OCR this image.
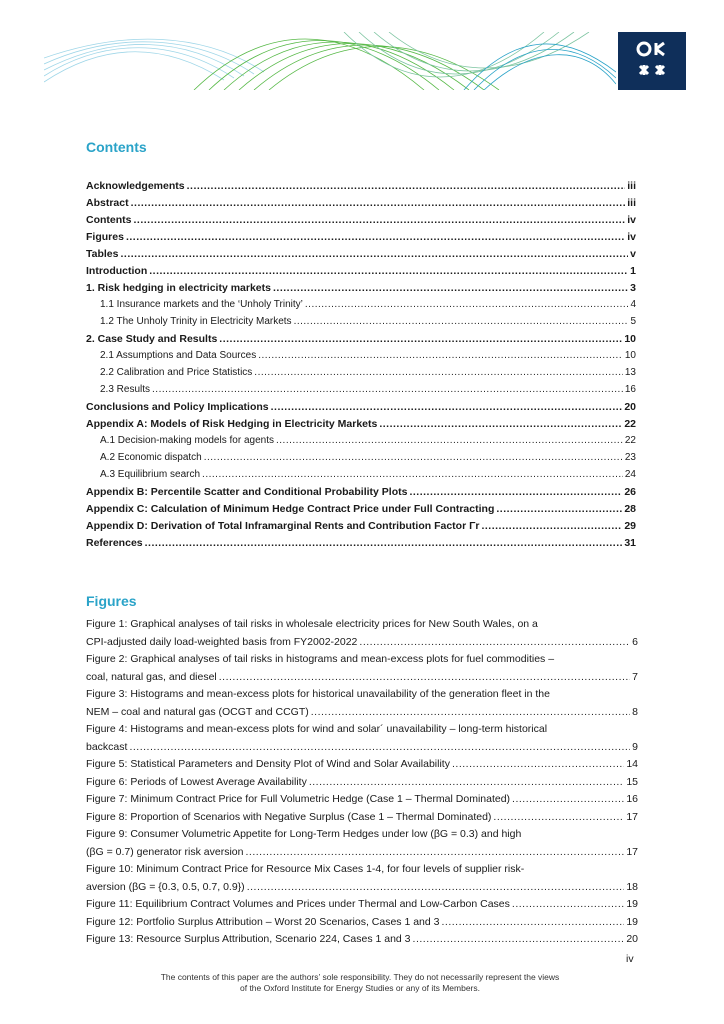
Contents
Acknowledgements .....	iii
Abstract .....	iii
Contents .....	iv
Figures .....	iv
Tables .....	v
Introduction .....	1
1. Risk hedging in electricity markets .....	3
1.1 Insurance markets and the ‘Unholy Trinity’ .....	4
1.2 The Unholy Trinity in Electricity Markets .....	5
2. Case Study and Results .....	10
2.1 Assumptions and Data Sources .....	10
2.2 Calibration and Price Statistics .....	13
2.3 Results .....	16
Conclusions and Policy Implications .....	20
Appendix A: Models of Risk Hedging in Electricity Markets .....	22
A.1 Decision-making models for agents .....	22
A.2 Economic dispatch .....	23
A.3 Equilibrium search .....	24
Appendix B: Percentile Scatter and Conditional Probability Plots .....	26
Appendix C: Calculation of Minimum Hedge Contract Price under Full Contracting .....	28
Appendix D: Derivation of Total Inframarginal Rents and Contribution Factor Γr .....	29
References .....	31
Figures
Figure 1: Graphical analyses of tail risks in wholesale electricity prices for New South Wales, on a
CPI-adjusted daily load-weighted basis from FY2002-2022 .....	6
Figure 2: Graphical analyses of tail risks in histograms and mean-excess plots for fuel commodities –
coal, natural gas, and diesel .....	7
Figure 3: Histograms and mean-excess plots for historical unavailability of the generation fleet in the
NEM – coal and natural gas (OCGT and CCGT) .....	8
Figure 4: Histograms and mean-excess plots for wind and solar´ unavailability – long-term historical
backcast .....	9
Figure 5: Statistical Parameters and Density Plot of Wind and Solar Availability .....	14
Figure 6: Periods of Lowest Average Availability .....	15
Figure 7: Minimum Contract Price for Full Volumetric Hedge (Case 1 – Thermal Dominated) .....	16
Figure 8: Proportion of Scenarios with Negative Surplus (Case 1 – Thermal Dominated) .....	17
Figure 9: Consumer Volumetric Appetite for Long-Term Hedges under low (βG = 0.3) and high
(βG = 0.7) generator risk aversion .....	17
Figure 10: Minimum Contract Price for Resource Mix Cases 1-4, for four levels of supplier risk-
aversion (βG = {0.3, 0.5, 0.7, 0.9}) .....	18
Figure 11: Equilibrium Contract Volumes and Prices under Thermal and Low-Carbon Cases .....	19
Figure 12: Portfolio Surplus Attribution – Worst 20 Scenarios, Cases 1 and 3 .....	19
Figure 13: Resource Surplus Attribution, Scenario 224, Cases 1 and 3 .....	20
iv
The contents of this paper are the authors’ sole responsibility. They do not necessarily represent the views
of the Oxford Institute for Energy Studies or any of its Members.
